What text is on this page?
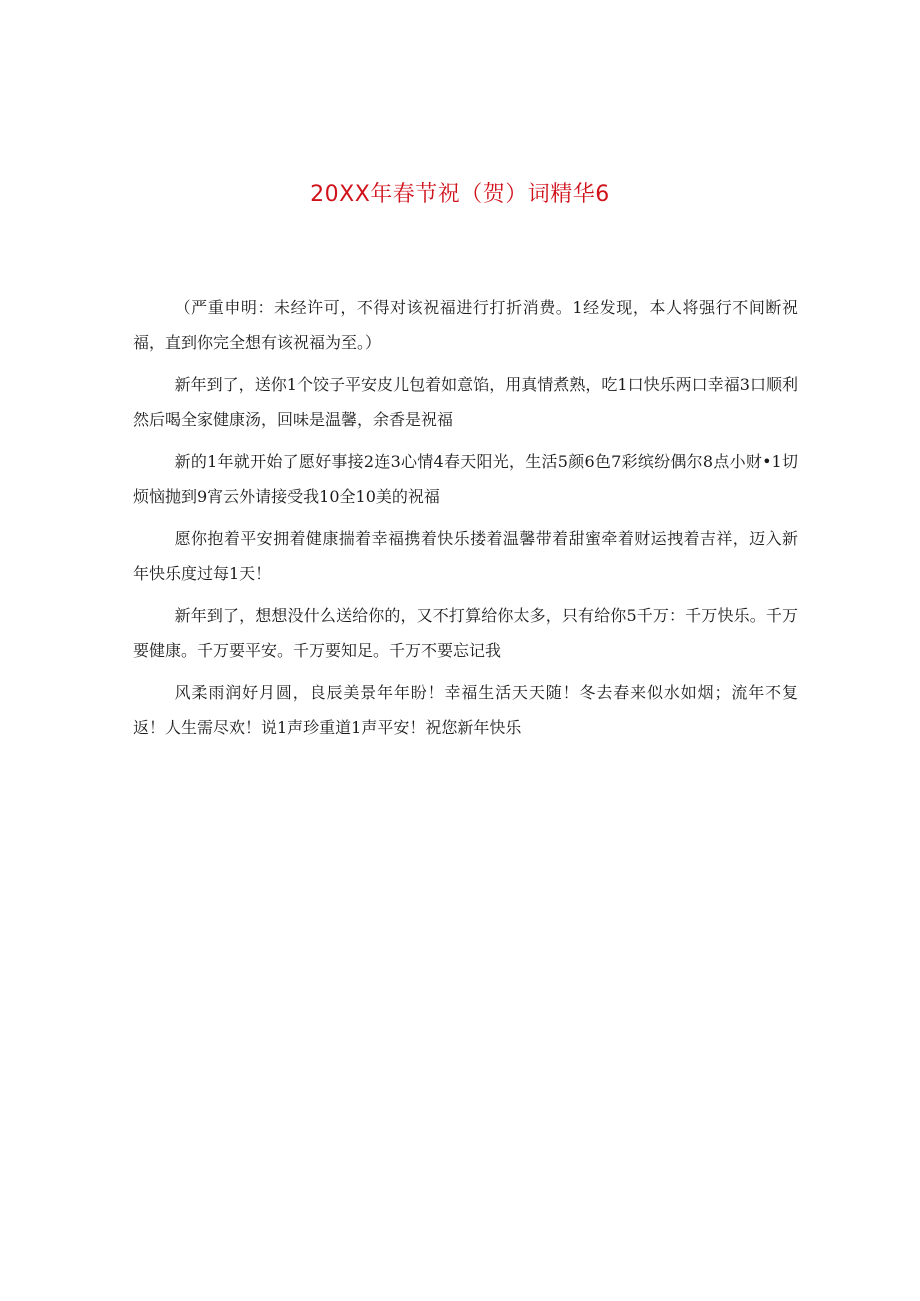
20XX年春节祝（贺）词精华6

（严重申明：未经许可，不得对该祝福进行打折消费。1经发现，本人将强行不间断祝福，直到你完全想有该祝福为至。）

新年到了，送你1个饺子平安皮儿包着如意馅，用真情煮熟，吃1口快乐两口幸福3口顺利然后喝全家健康汤，回味是温馨，余香是祝福

新的1年就开始了愿好事接2连3心情4春天阳光，生活5颜6色7彩缤纷偶尔8点小财•1切烦恼抛到9宵云外请接受我10全10美的祝福

愿你抱着平安拥着健康揣着幸福携着快乐搂着温馨带着甜蜜牵着财运拽着吉祥，迈入新年快乐度过每1天！

新年到了，想想没什么送给你的，又不打算给你太多，只有给你5千万：千万快乐。千万要健康。千万要平安。千万要知足。千万不要忘记我

风柔雨润好月圆，良辰美景年年盼！幸福生活天天随！冬去春来似水如烟；流年不复返！人生需尽欢！说1声珍重道1声平安！祝您新年快乐
